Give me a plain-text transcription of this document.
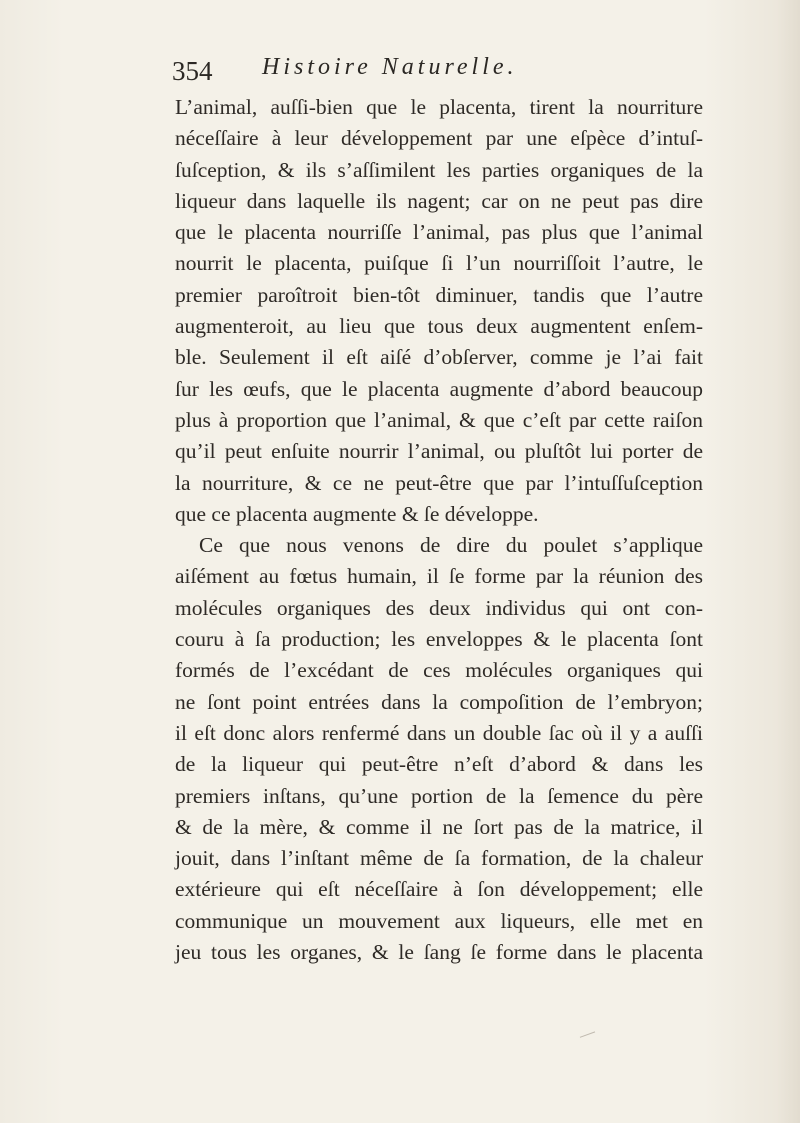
354 Histoire Naturelle.
L’animal, auſſi-bien que le placenta, tirent la nourriture
néceſſaire à leur développement par une eſpèce d’intuſ-
ſuſception, & ils s’aſſimilent les parties organiques de la
liqueur dans laquelle ils nagent; car on ne peut pas dire
que le placenta nourriſſe l’animal, pas plus que l’animal
nourrit le placenta, puiſque ſi l’un nourriſſoit l’autre, le
premier paroîtroit bien-tôt diminuer, tandis que l’autre
augmenteroit, au lieu que tous deux augmentent enſem-
ble. Seulement il eſt aiſé d’obſerver, comme je l’ai fait
ſur les œufs, que le placenta augmente d’abord beaucoup
plus à proportion que l’animal, & que c’eſt par cette raiſon
qu’il peut enſuite nourrir l’animal, ou pluſtôt lui porter de
la nourriture, & ce ne peut-être que par l’intuſſuſception
que ce placenta augmente & ſe développe.
Ce que nous venons de dire du poulet s’applique
aiſément au fœtus humain, il ſe forme par la réunion des
molécules organiques des deux individus qui ont con-
couru à ſa production; les enveloppes & le placenta ſont
formés de l’excédant de ces molécules organiques qui
ne ſont point entrées dans la compoſition de l’embryon;
il eſt donc alors renfermé dans un double ſac où il y a auſſi
de la liqueur qui peut-être n’eſt d’abord & dans les
premiers inſtans, qu’une portion de la ſemence du père
& de la mère, & comme il ne ſort pas de la matrice, il
jouit, dans l’inſtant même de ſa formation, de la chaleur
extérieure qui eſt néceſſaire à ſon développement; elle
communique un mouvement aux liqueurs, elle met en
jeu tous les organes, & le ſang ſe forme dans le placenta
